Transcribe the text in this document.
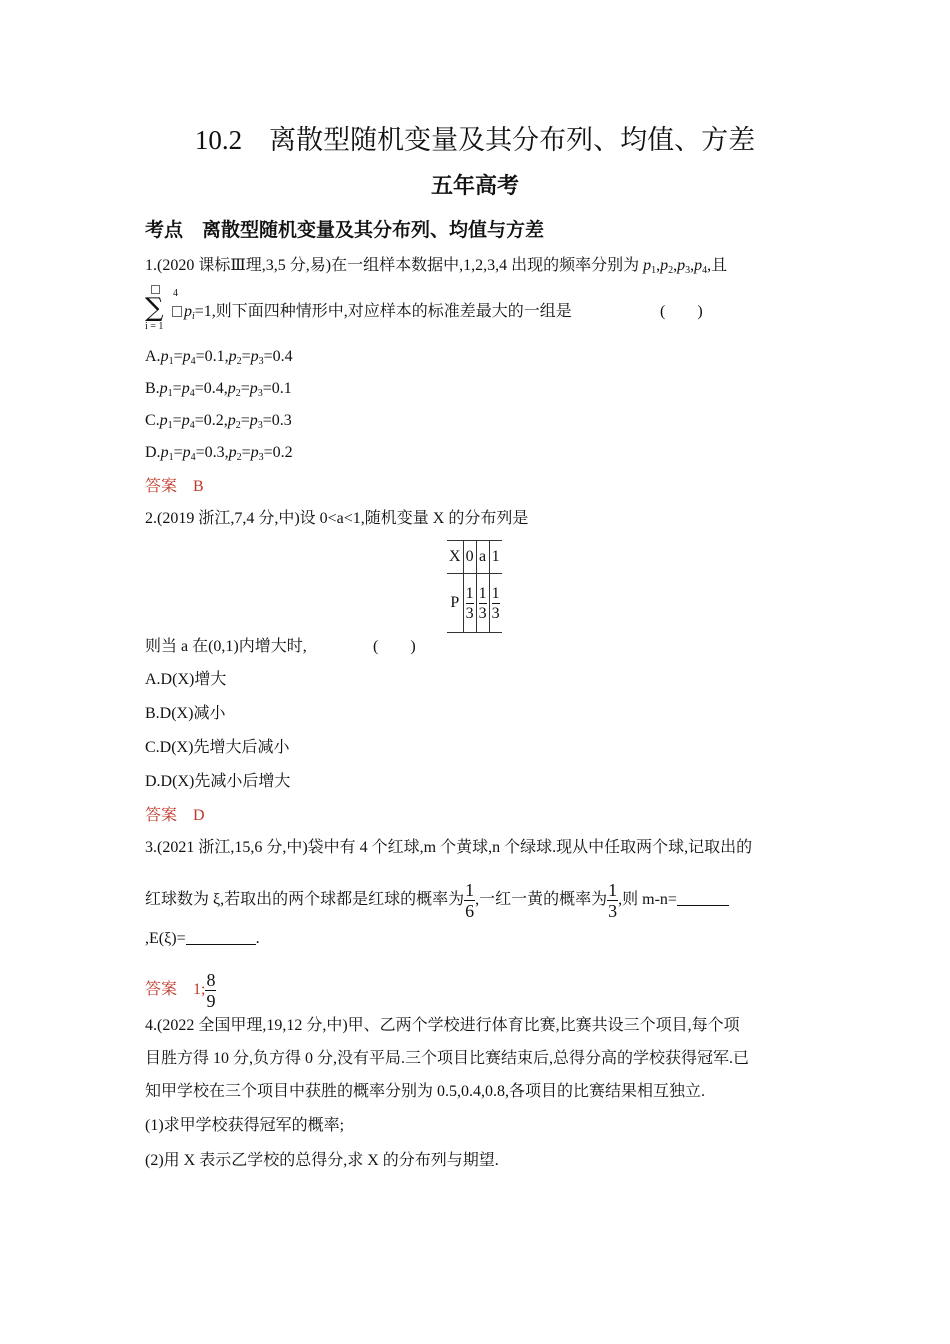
10.2　离散型随机变量及其分布列、均值、方差
五年高考
考点　离散型随机变量及其分布列、均值与方差
1.(2020 课标Ⅲ理,3,5 分,易)在一组样本数据中,1,2,3,4 出现的频率分别为 $p_1,p_2,p_3,p_4$,且
4
∑
i = 1
$p_i=1$,则下面四种情形中,对应样本的标准差最大的一组是	(　　)
$A.p_1=p_4=0.1,p_2=p_3=0.4$
$B.p_1=p_4=0.4,p_2=p_3=0.1$
$C.p_1=p_4=0.2,p_2=p_3=0.3$
$D.p_1=p_4=0.3,p_2=p_3=0.2$
答案　B
2.(2019 浙江,7,4 分,中)设 0<a<1,随机变量 X 的分布列是
X	0	a	1
P	$\frac{1}{3}$	$\frac{1}{3}$	$\frac{1}{3}$
则当 a 在(0,1)内增大时,	(　　)
A.D(X)增大
B.D(X)减小
C.D(X)先增大后减小
D.D(X)先减小后增大
答案　D
3.(2021 浙江,15,6 分,中)袋中有 4 个红球,m 个黄球,n 个绿球.现从中任取两个球,记取出的
红球数为 ξ,若取出的两个球都是红球的概率为 $\frac{1}{6}$ ,一红一黄的概率为 $\frac{1}{3}$ ,则 m-n=
,E(ξ)=	.
答案　1; $\frac{8}{9}$
4.(2022 全国甲理,19,12 分,中)甲、乙两个学校进行体育比赛,比赛共设三个项目,每个项
目胜方得 10 分,负方得 0 分,没有平局.三个项目比赛结束后,总得分高的学校获得冠军.已
知甲学校在三个项目中获胜的概率分别为 0.5,0.4,0.8,各项目的比赛结果相互独立.
(1)求甲学校获得冠军的概率;
(2)用 X 表示乙学校的总得分,求 X 的分布列与期望.
